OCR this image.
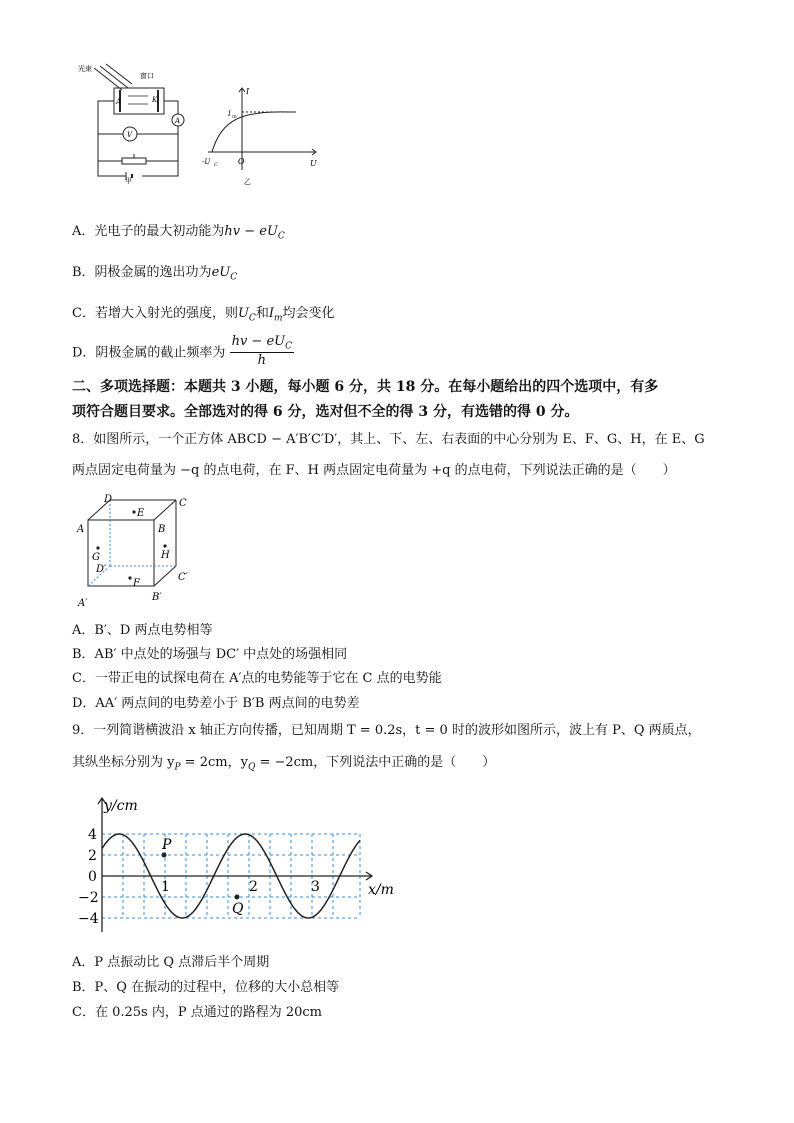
光束
窗口
A	K
V
A
甲
I
I m
U
O
-U C
乙
A．光电子的最大初动能为hv − $eU_C$
B．阴极金属的逸出功为$eU_C$
C．若增大入射光的强度，则$U_C$和$I_m$均会变化
D．阴极金属的截止频率为 $\frac{hv - eU_C}{h}$
二、多项选择题：本题共 3 小题，每小题 6 分，共 18 分。在每小题给出的四个选项中，有多
项符合题目要求。全部选对的得 6 分，选对但不全的得 3 分，有选错的得 0 分。
8．如图所示，一个正方体 ABCD − A′B′C′D′，其上、下、左、右表面的中心分别为 E、F、G、H，在 E、G
两点固定电荷量为 −q 的点电荷，在 F、H 两点固定电荷量为 +q 的点电荷，下列说法正确的是（　　）
A	B
C
D
A′
B′
C′
D′
E
F
G	H
A．B′、D 两点电势相等
B．AB′ 中点处的场强与 DC′ 中点处的场强相同
C．一带正电的试探电荷在 A′点的电势能等于它在 C 点的电势能
D．AA′ 两点间的电势差小于 B′B 两点间的电势差
9．一列简谐横波沿 x 轴正方向传播，已知周期 T = 0.2s，t = 0 时的波形如图所示，波上有 P、Q 两质点，
其纵坐标分别为 $y_P = 2cm$，$y_Q = -2cm$，下列说法中正确的是（　　）
y/cm
x/m
4
2
0
−2
−4
1	2	3
P
Q
A．P 点振动比 Q 点滞后半个周期
B．P、Q 在振动的过程中，位移的大小总相等
C．在 0.25s 内，P 点通过的路程为 20cm
